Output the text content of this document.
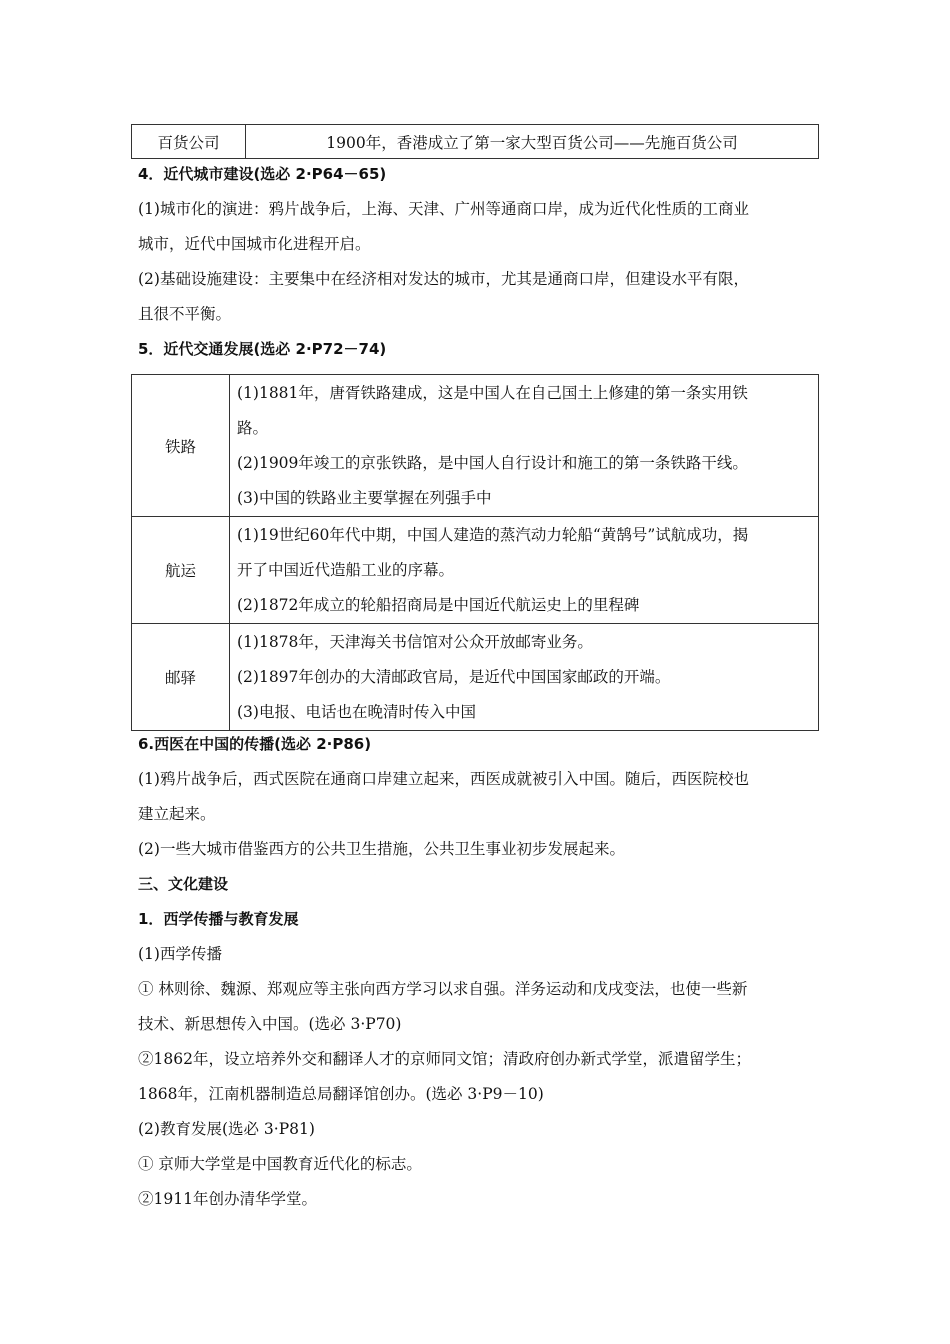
百货公司	1900年，香港成立了第一家大型百货公司——先施百货公司

4．近代城市建设(选必 2·P64－65)

(1)城市化的演进：鸦片战争后，上海、天津、广州等通商口岸，成为近代化性质的工商业

城市，近代中国城市化进程开启。

(2)基础设施建设：主要集中在经济相对发达的城市，尤其是通商口岸，但建设水平有限，

且很不平衡。

5．近代交通发展(选必 2·P72－74)

铁路	(1)1881年，唐胥铁路建成，这是中国人在自己国土上修建的第一条实用铁
路。
(2)1909年竣工的京张铁路，是中国人自行设计和施工的第一条铁路干线。
(3)中国的铁路业主要掌握在列强手中

航运	(1)19世纪60年代中期，中国人建造的蒸汽动力轮船“黄鹄号”试航成功，揭
开了中国近代造船工业的序幕。
(2)1872年成立的轮船招商局是中国近代航运史上的里程碑

邮驿	(1)1878年，天津海关书信馆对公众开放邮寄业务。
(2)1897年创办的大清邮政官局，是近代中国国家邮政的开端。
(3)电报、电话也在晚清时传入中国

6.西医在中国的传播(选必 2·P86)

(1)鸦片战争后，西式医院在通商口岸建立起来，西医成就被引入中国。随后，西医院校也

建立起来。

(2)一些大城市借鉴西方的公共卫生措施，公共卫生事业初步发展起来。

三、文化建设

1．西学传播与教育发展

(1)西学传播

① 林则徐、魏源、郑观应等主张向西方学习以求自强。洋务运动和戊戌变法，也使一些新

技术、新思想传入中国。(选必 3·P70)

②1862年，设立培养外交和翻译人才的京师同文馆；清政府创办新式学堂，派遣留学生；

1868年，江南机器制造总局翻译馆创办。(选必 3·P9－10)

(2)教育发展(选必 3·P81)

① 京师大学堂是中国教育近代化的标志。

②1911年创办清华学堂。
